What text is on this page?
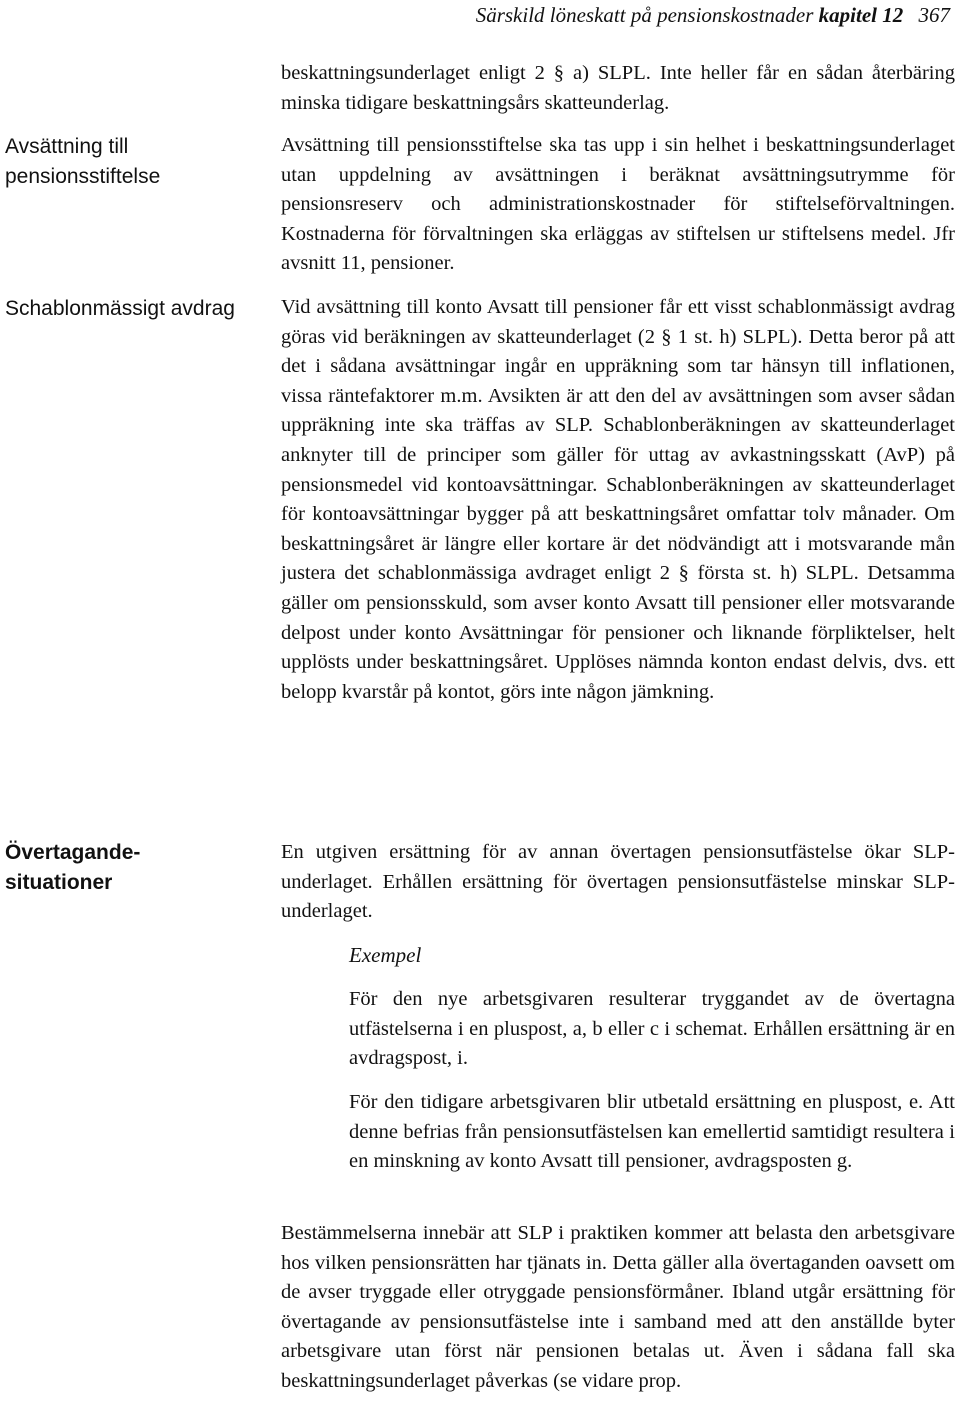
Särskild löneskatt på pensionskostnader kapitel 12 367
Avsättning till pensionsstiftelse
Schablonmässigt avdrag
Övertagande-situationer

beskattningsunderlaget enligt 2 § a) SLPL. Inte heller får en sådan återbäring minska tidigare beskattningsårs skatteunderlag.

Avsättning till pensionsstiftelse ska tas upp i sin helhet i beskattningsunderlaget utan uppdelning av avsättningen i beräknat avsättningsutrymme för pensionsreserv och administrationskostnader för stiftelseförvaltningen. Kostnaderna för förvaltningen ska erläggas av stiftelsen ur stiftelsens medel. Jfr avsnitt 11, pensioner.

Vid avsättning till konto Avsatt till pensioner får ett visst schablonmässigt avdrag göras vid beräkningen av skatteunderlaget (2 § 1 st. h) SLPL). Detta beror på att det i sådana avsättningar ingår en uppräkning som tar hänsyn till inflationen, vissa räntefaktorer m.m. Avsikten är att den del av avsättningen som avser sådan uppräkning inte ska träffas av SLP. Schablonberäkningen av skatteunderlaget anknyter till de principer som gäller för uttag av avkastningsskatt (AvP) på pensionsmedel vid kontoavsättningar. Schablonberäkningen av skatteunderlaget för kontoavsättningar bygger på att beskattningsåret omfattar tolv månader. Om beskattningsåret är längre eller kortare är det nödvändigt att i motsvarande mån justera det schablonmässiga avdraget enligt 2 § första st. h) SLPL. Detsamma gäller om pensionsskuld, som avser konto Avsatt till pensioner eller motsvarande delpost under konto Avsättningar för pensioner och liknande förpliktelser, helt upplösts under beskattningsåret. Upplöses nämnda konton endast delvis, dvs. ett belopp kvarstår på kontot, görs inte någon jämkning.

En utgiven ersättning för av annan övertagen pensionsutfästelse ökar SLP-underlaget. Erhållen ersättning för övertagen pensionsutfästelse minskar SLP-underlaget.

Exempel

För den nye arbetsgivaren resulterar tryggandet av de övertagna utfästelserna i en pluspost, a, b eller c i schemat. Erhållen ersättning är en avdragspost, i.

För den tidigare arbetsgivaren blir utbetald ersättning en pluspost, e. Att denne befrias från pensionsutfästelsen kan emellertid samtidigt resultera i en minskning av konto Avsatt till pensioner, avdragsposten g.

Bestämmelserna innebär att SLP i praktiken kommer att belasta den arbetsgivare hos vilken pensionsrätten har tjänats in. Detta gäller alla övertaganden oavsett om de avser tryggade eller otryggade pensionsförmåner. Ibland utgår ersättning för övertagande av pensionsutfästelse inte i samband med att den anställde byter arbetsgivare utan först när pensionen betalas ut. Även i sådana fall ska beskattningsunderlaget påverkas (se vidare prop.
